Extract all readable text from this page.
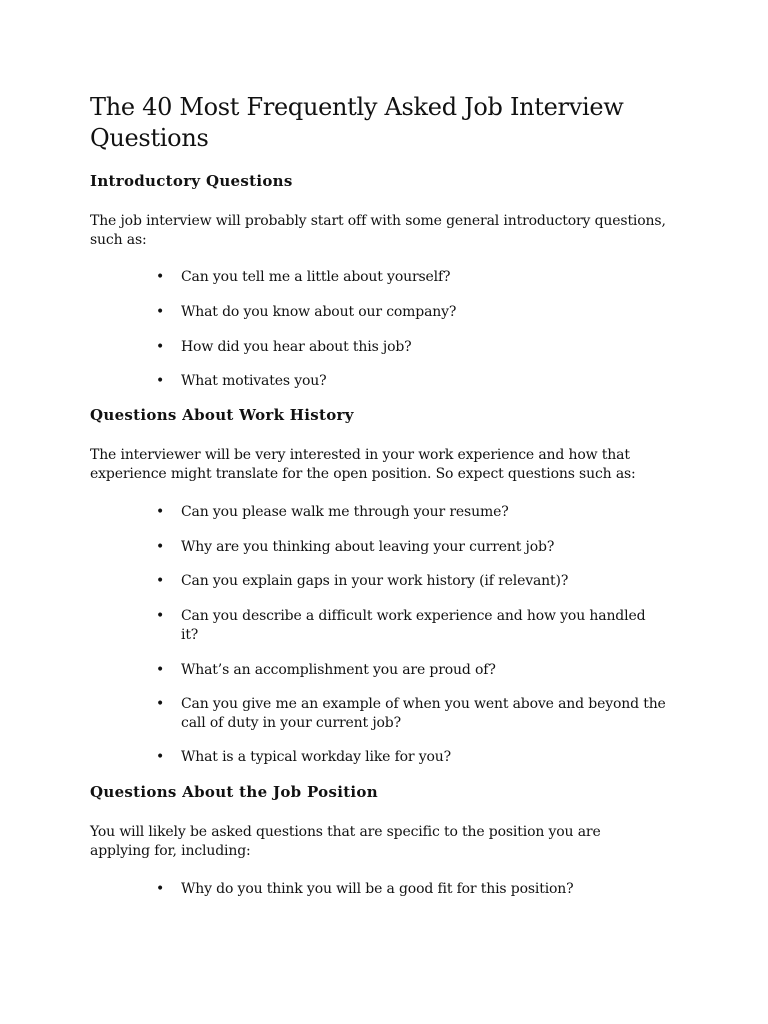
The 40 Most Frequently Asked Job Interview Questions
Introductory Questions

The job interview will probably start off with some general introductory questions, such as:

•	Can you tell me a little about yourself?
•	What do you know about our company?
•	How did you hear about this job?
•	What motivates you?
Questions About Work History

The interviewer will be very interested in your work experience and how that experience might translate for the open position. So expect questions such as:

•	Can you please walk me through your resume?
•	Why are you thinking about leaving your current job?
•	Can you explain gaps in your work history (if relevant)?
•	Can you describe a difficult work experience and how you handled it?
•	What’s an accomplishment you are proud of?
•	Can you give me an example of when you went above and beyond the call of duty in your current job?
•	What is a typical workday like for you?
Questions About the Job Position

You will likely be asked questions that are specific to the position you are applying for, including:

•	Why do you think you will be a good fit for this position?
